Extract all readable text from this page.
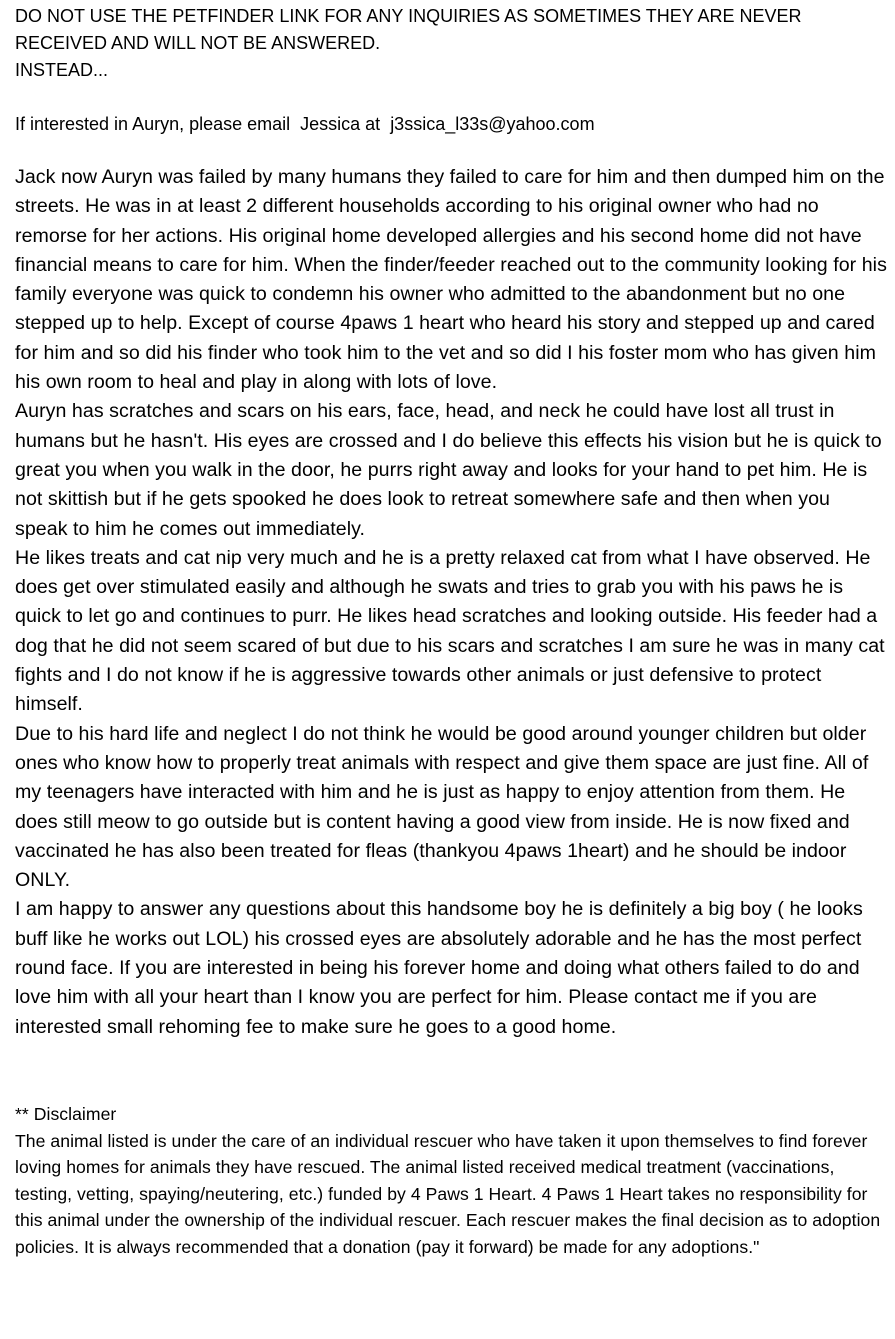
DO NOT USE THE PETFINDER LINK FOR ANY INQUIRIES AS SOMETIMES THEY ARE NEVER RECEIVED AND WILL NOT BE ANSWERED.
INSTEAD...

If interested in Auryn, please email  Jessica at  j3ssica_l33s@yahoo.com

Jack now Auryn was failed by many humans they failed to care for him and then dumped him on the streets. He was in at least 2 different households according to his original owner who had no remorse for her actions. His original home developed allergies and his second home did not have financial means to care for him. When the finder/feeder reached out to the community looking for his family everyone was quick to condemn his owner who admitted to the abandonment but no one stepped up to help. Except of course 4paws 1 heart who heard his story and stepped up and cared for him and so did his finder who took him to the vet and so did I his foster mom who has given him his own room to heal and play in along with lots of love.

Auryn has scratches and scars on his ears, face, head, and neck he could have lost all trust in humans but he hasn't. His eyes are crossed and I do believe this effects his vision but he is quick to great you when you walk in the door, he purrs right away and looks for your hand to pet him. He is not skittish but if he gets spooked he does look to retreat somewhere safe and then when you speak to him he comes out immediately.

He likes treats and cat nip very much and he is a pretty relaxed cat from what I have observed. He does get over stimulated easily and although he swats and tries to grab you with his paws he is quick to let go and continues to purr. He likes head scratches and looking outside. His feeder had a dog that he did not seem scared of but due to his scars and scratches I am sure he was in many cat fights and I do not know if he is aggressive towards other animals or just defensive to protect himself.

Due to his hard life and neglect I do not think he would be good around younger children but older ones who know how to properly treat animals with respect and give them space are just fine. All of my teenagers have interacted with him and he is just as happy to enjoy attention from them. He does still meow to go outside but is content having a good view from inside. He is now fixed and vaccinated he has also been treated for fleas (thankyou 4paws 1heart) and he should be indoor ONLY.

I am happy to answer any questions about this handsome boy he is definitely a big boy ( he looks buff like he works out LOL) his crossed eyes are absolutely adorable and he has the most perfect round face. If you are interested in being his forever home and doing what others failed to do and love him with all your heart than I know you are perfect for him. Please contact me if you are interested small rehoming fee to make sure he goes to a good home.

** Disclaimer

The animal listed is under the care of an individual rescuer who have taken it upon themselves to find forever loving homes for animals they have rescued. The animal listed received medical treatment (vaccinations, testing, vetting, spaying/neutering, etc.) funded by 4 Paws 1 Heart. 4 Paws 1 Heart takes no responsibility for this animal under the ownership of the individual rescuer. Each rescuer makes the final decision as to adoption policies. It is always recommended that a donation (pay it forward) be made for any adoptions."
